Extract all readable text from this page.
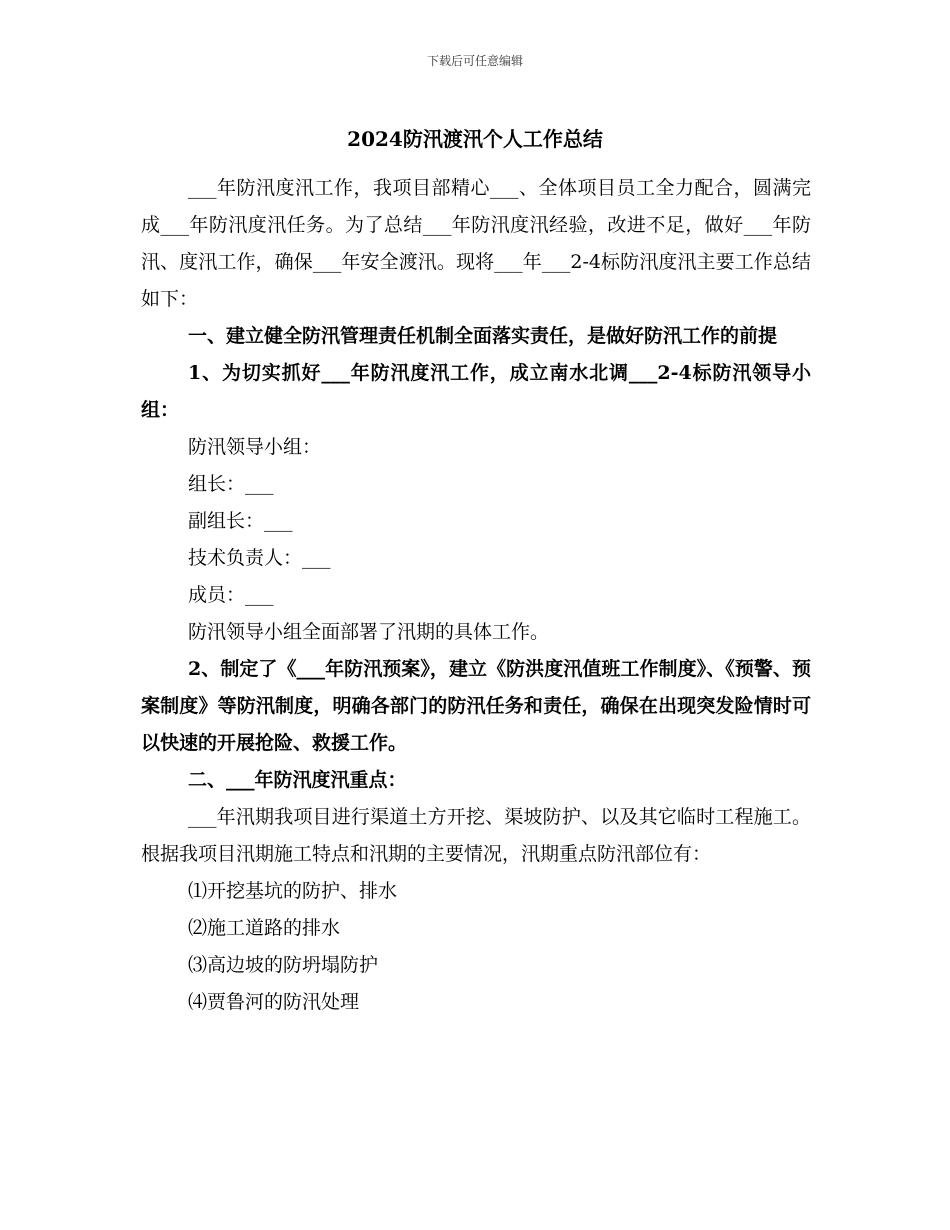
下载后可任意编辑
2024防汛渡汛个人工作总结

___年防汛度汛工作，我项目部精心___、全体项目员工全力配合，圆满完成___年防汛度汛任务。为了总结___年防汛度汛经验，改进不足，做好___年防汛、度汛工作，确保___年安全渡汛。现将___年___2-4标防汛度汛主要工作总结如下：

一、建立健全防汛管理责任机制全面落实责任，是做好防汛工作的前提

1、为切实抓好___年防汛度汛工作，成立南水北调___2-4标防汛领导小组：

防汛领导小组：

组长：___

副组长：___

技术负责人：___

成员：___

防汛领导小组全面部署了汛期的具体工作。

2、制定了《___年防汛预案》，建立《防洪度汛值班工作制度》、《预警、预案制度》等防汛制度，明确各部门的防汛任务和责任，确保在出现突发险情时可以快速的开展抢险、救援工作。

二、___年防汛度汛重点：

___年汛期我项目进行渠道土方开挖、渠坡防护、以及其它临时工程施工。根据我项目汛期施工特点和汛期的主要情况，汛期重点防汛部位有：

⑴开挖基坑的防护、排水

⑵施工道路的排水

⑶高边坡的防坍塌防护

⑷贾鲁河的防汛处理
